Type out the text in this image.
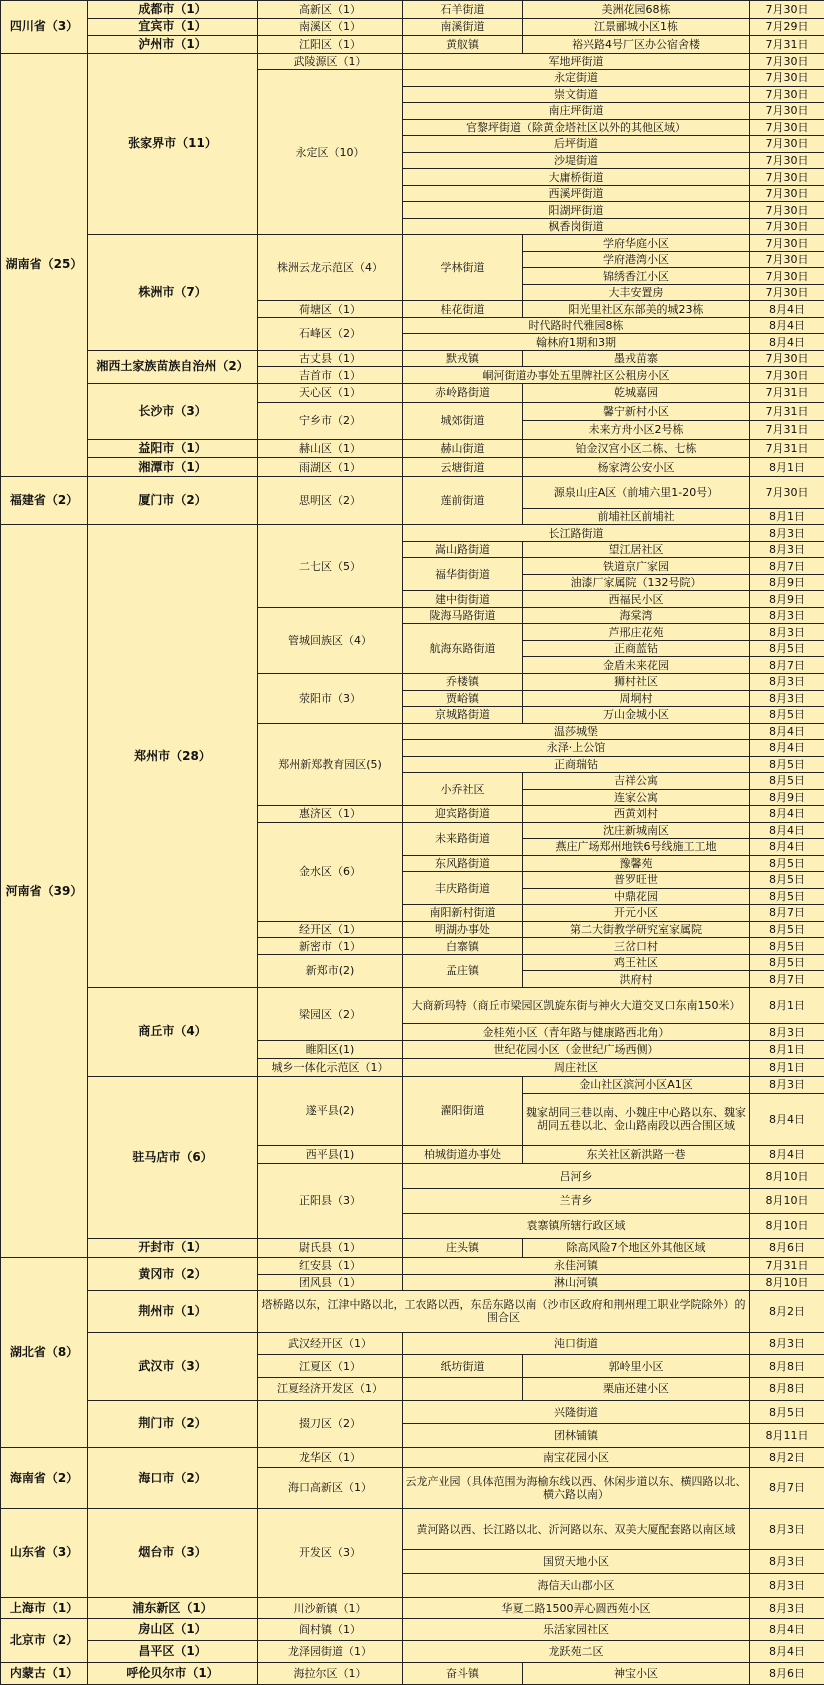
四川省（3）	成都市（1）	高新区（1）	石羊街道	美洲花园68栋	7月30日
	宜宾市（1）	南溪区（1）	南溪街道	江景郦城小区1栋	7月29日
	泸州市（1）	江阳区（1）	黄舣镇	裕兴路4号厂区办公宿舍楼	7月31日
湖南省（25）	张家界市（11）	武陵源区（1）	军地坪街道		7月30日
		永定区（10）	永定街道		7月30日
			崇文街道		7月30日
			南庄坪街道		7月30日
			官黎坪街道（除黄金塔社区以外的其他区域）		7月30日
			后坪街道		7月30日
			沙堤街道		7月30日
			大庸桥街道		7月30日
			西溪坪街道		7月30日
			阳湖坪街道		7月30日
			枫香岗街道		7月30日
	株洲市（7）	株洲云龙示范区（4）	学林街道	学府华庭小区	7月30日
				学府港湾小区	7月30日
				锦绣香江小区	7月30日
				大丰安置房	7月30日
		荷塘区（1）	桂花街道	阳光里社区东部美的城23栋	8月4日
		石峰区（2）	时代路时代雅园8栋		8月4日
			翰林府1期和3期		8月4日
	湘西土家族苗族自治州（2）	古丈县（1）	默戎镇	墨戎苗寨	7月30日
		吉首市（1）	峒河街道办事处五里牌社区公租房小区		7月30日
	长沙市（3）	天心区（1）	赤岭路街道	乾城嘉园	7月31日
		宁乡市（2）	城郊街道	馨宁新村小区	7月31日
				未来方舟小区2号栋	7月31日
	益阳市（1）	赫山区（1）	赫山街道	铂金汉宫小区二栋、七栋	7月31日
	湘潭市（1）	雨湖区（1）	云塘街道	杨家湾公安小区	8月1日
福建省（2）	厦门市（2）	思明区（2）	莲前街道	源泉山庄A区（前埔六里1-20号）	7月30日
				前埔社区前埔社	8月1日
河南省（39）	郑州市（28）	二七区（5）	长江路街道		8月3日
			嵩山路街道	望江居社区	8月3日
			福华街街道	铁道京广家园	8月7日
				油漆厂家属院（132号院）	8月9日
			建中街街道	西福民小区	8月9日
		管城回族区（4）	陇海马路街道	海棠湾	8月3日
			航海东路街道	芦邢庄花苑	8月3日
				正商蓝钻	8月5日
				金盾未来花园	8月7日
		荥阳市（3）	乔楼镇	狮村社区	8月3日
			贾峪镇	周垌村	8月3日
			京城路街道	万山金城小区	8月5日
		郑州新郑教育园区(5)	温莎城堡		8月4日
			永泽·上公馆		8月4日
			正商瑞钻		8月5日
			小乔社区	吉祥公寓	8月5日
				连家公寓	8月9日
		惠济区（1）	迎宾路街道	西黄刘村	8月4日
		金水区（6）	未来路街道	沈庄新城南区	8月4日
				燕庄广场郑州地铁6号线施工工地	8月4日
			东风路街道	豫馨苑	8月5日
			丰庆路街道	普罗旺世	8月5日
				中鼎花园	8月5日
			南阳新村街道	开元小区	8月7日
		经开区（1）	明湖办事处	第二大街教学研究室家属院	8月5日
		新密市（1）	白寨镇	三岔口村	8月5日
		新郑市(2)	孟庄镇	鸡王社区	8月5日
				洪府村	8月7日
	商丘市（4）	梁园区（2）	大商新玛特（商丘市梁园区凯旋东街与神火大道交叉口东南150米）		8月1日
			金桂苑小区（青年路与健康路西北角）		8月3日
		睢阳区(1)	世纪花园小区（金世纪广场西侧）		8月1日
		城乡一体化示范区（1）	周庄社区		8月1日
	驻马店市（6）	遂平县(2)	濯阳街道	金山社区滨河小区A1区	8月3日
				魏家胡同三巷以南、小魏庄中心路以东、魏家胡同五巷以北、金山路南段以西合围区域	8月4日
		西平县(1)	柏城街道办事处	东关社区新洪路一巷	8月4日
		正阳县（3）	吕河乡		8月10日
			兰青乡		8月10日
			袁寨镇所辖行政区域		8月10日
	开封市（1）	尉氏县（1）	庄头镇	除高风险7个地区外其他区域	8月6日
湖北省（8）	黄冈市（2）	红安县（1）	永佳河镇		7月31日
		团风县（1）	淋山河镇		8月10日
	荆州市（1）	塔桥路以东，江津中路以北，工农路以西，东岳东路以南（沙市区政府和荆州理工职业学院除外）的围合区			8月2日
	武汉市（3）	武汉经开区（1）	沌口街道		8月3日
		江夏区（1）	纸坊街道	郭岭里小区	8月8日
		江夏经济开发区（1）		栗庙还建小区	8月8日
	荆门市（2）	掇刀区（2）	兴隆街道		8月5日
			团林铺镇		8月11日
海南省（2）	海口市（2）	龙华区（1）	南宝花园小区		8月2日
		海口高新区（1）	云龙产业园（具体范围为海榆东线以西、休闲步道以东、横四路以北、横六路以南）		8月7日
山东省（3）	烟台市（3）	开发区（3）	黄河路以西、长江路以北、沂河路以东、双美大厦配套路以南区域		8月3日
			国贸天地小区		8月3日
			海信天山郡小区		8月3日
上海市（1）	浦东新区（1）	川沙新镇（1）	华夏二路1500弄心圆西苑小区		8月3日
北京市（2）	房山区（1）	阎村镇（1）	乐活家园社区		8月4日
	昌平区（1）	龙泽园街道（1）	龙跃苑二区		8月4日
内蒙古（1）	呼伦贝尔市（1）	海拉尔区（1）	奋斗镇	神宝小区	8月6日
